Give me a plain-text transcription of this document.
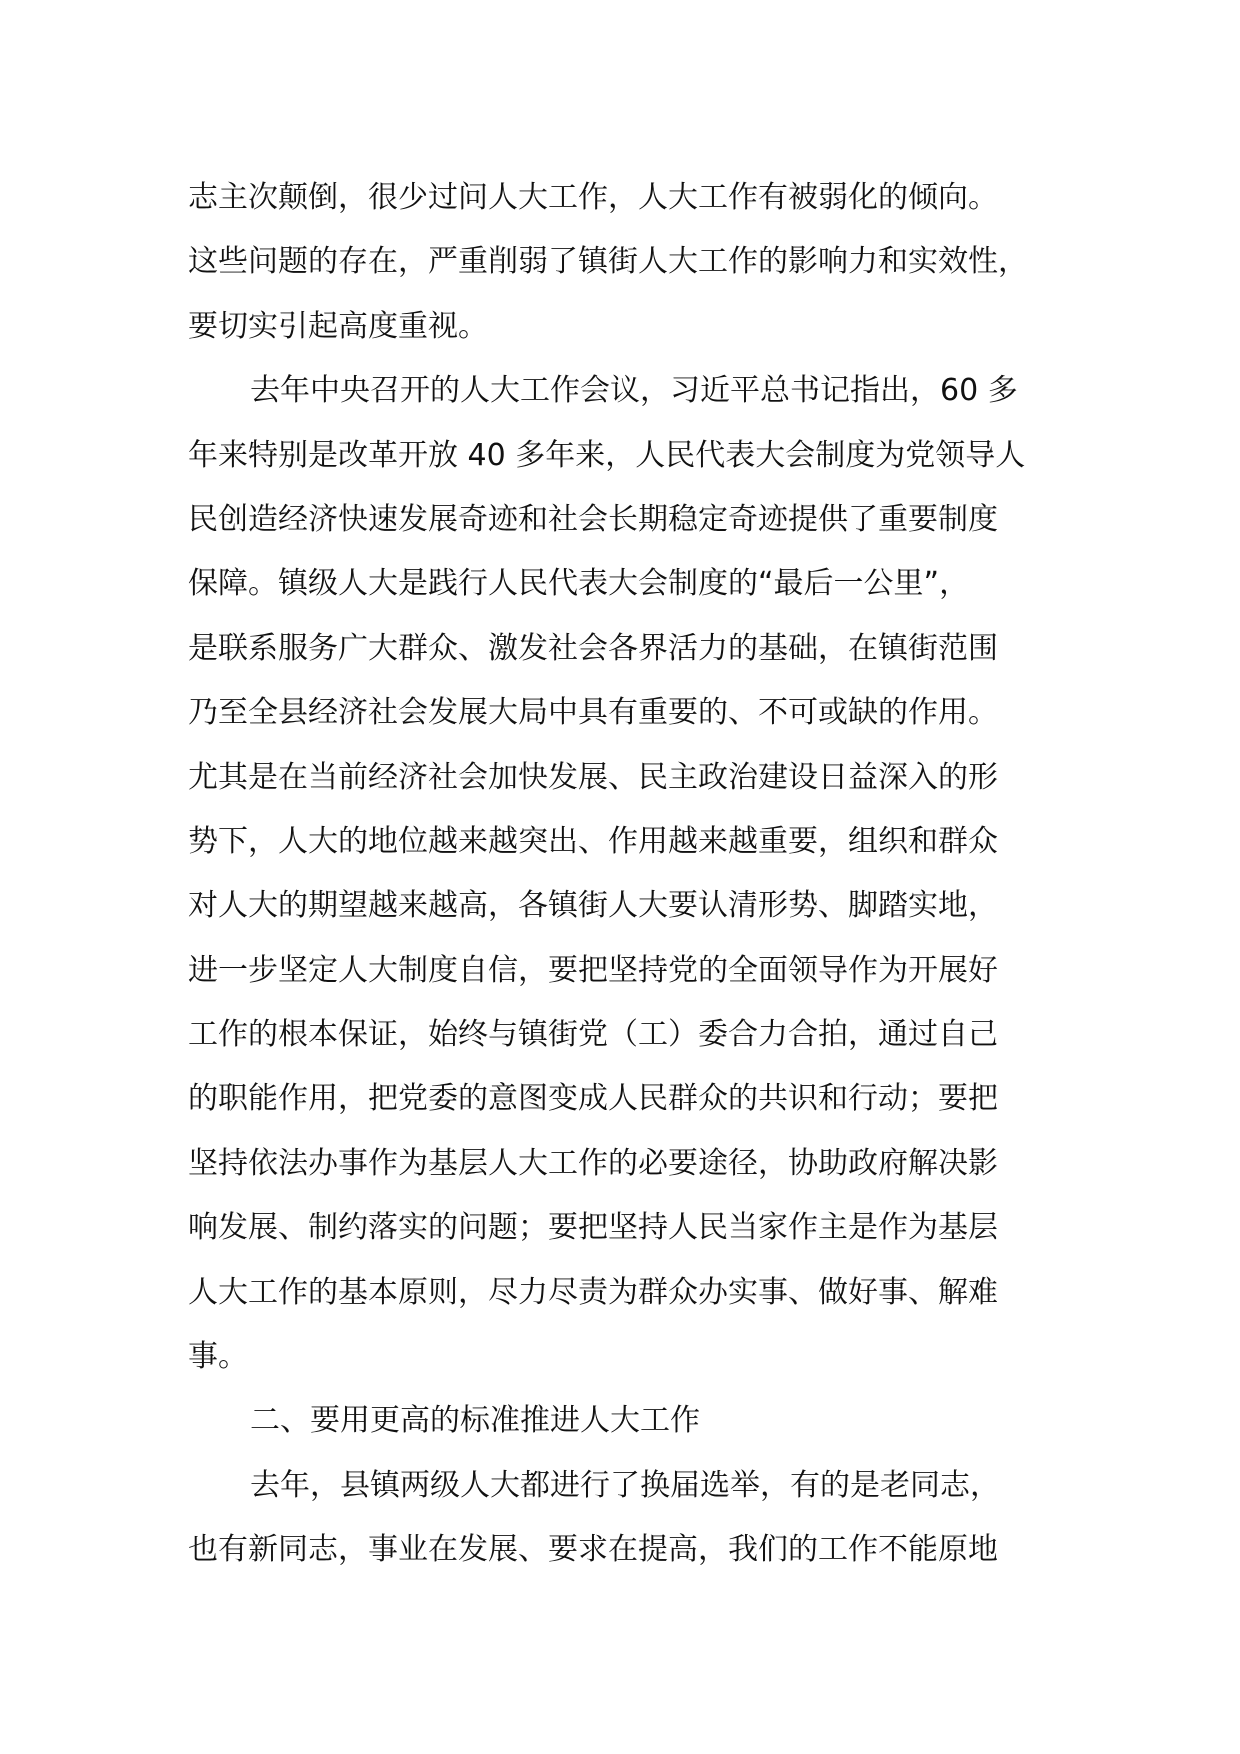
志主次颠倒，很少过问人大工作，人大工作有被弱化的倾向。
这些问题的存在，严重削弱了镇街人大工作的影响力和实效性，
要切实引起高度重视。
去年中央召开的人大工作会议，习近平总书记指出，60 多
年来特别是改革开放 40 多年来，人民代表大会制度为党领导人
民创造经济快速发展奇迹和社会长期稳定奇迹提供了重要制度
保障。镇级人大是践行人民代表大会制度的“最后一公里”，
是联系服务广大群众、激发社会各界活力的基础，在镇街范围
乃至全县经济社会发展大局中具有重要的、不可或缺的作用。
尤其是在当前经济社会加快发展、民主政治建设日益深入的形
势下，人大的地位越来越突出、作用越来越重要，组织和群众
对人大的期望越来越高，各镇街人大要认清形势、脚踏实地，
进一步坚定人大制度自信，要把坚持党的全面领导作为开展好
工作的根本保证，始终与镇街党（工）委合力合拍，通过自己
的职能作用，把党委的意图变成人民群众的共识和行动；要把
坚持依法办事作为基层人大工作的必要途径，协助政府解决影
响发展、制约落实的问题；要把坚持人民当家作主是作为基层
人大工作的基本原则，尽力尽责为群众办实事、做好事、解难
事。
二、要用更高的标准推进人大工作
去年，县镇两级人大都进行了换届选举，有的是老同志，
也有新同志，事业在发展、要求在提高，我们的工作不能原地
